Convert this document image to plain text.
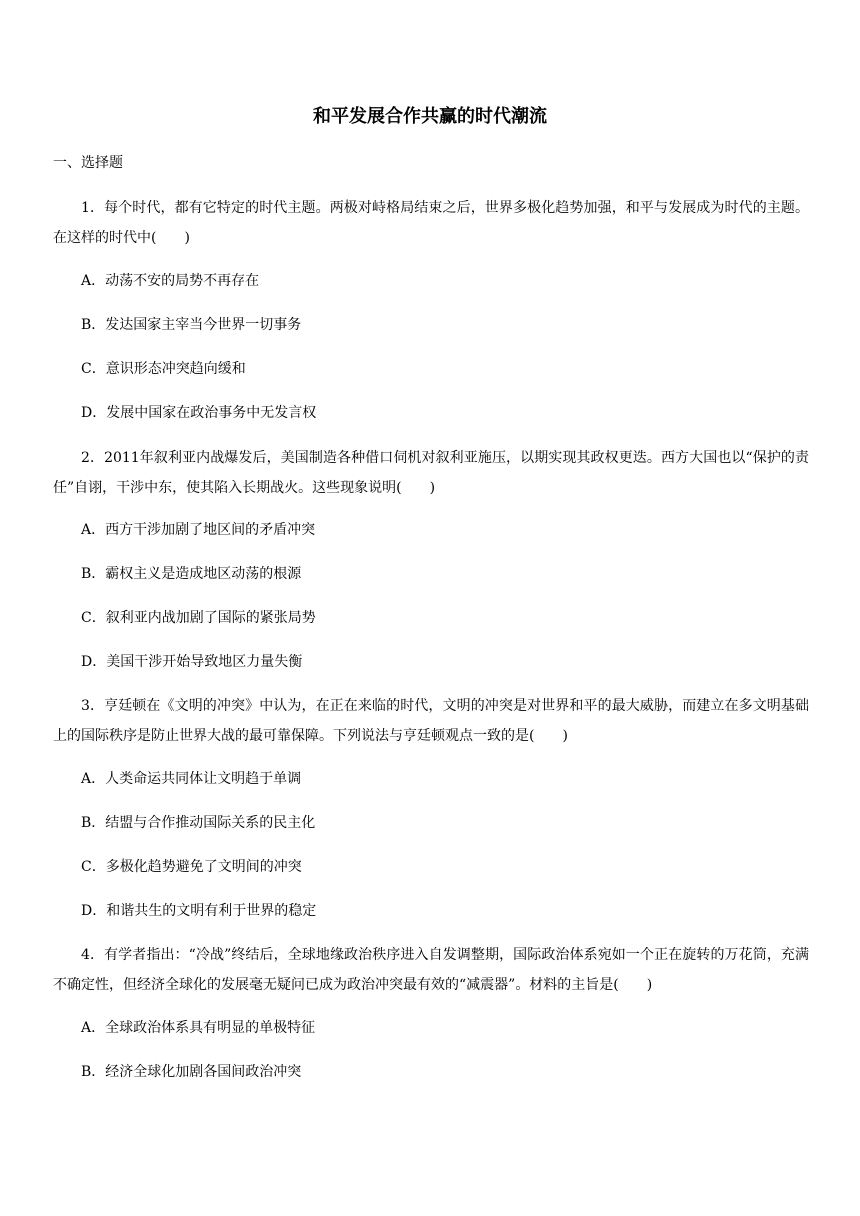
和平发展合作共赢的时代潮流
一、选择题

1．每个时代，都有它特定的时代主题。两极对峙格局结束之后，世界多极化趋势加强，和平与发展成为时代的主题。在这样的时代中(　　)

A．动荡不安的局势不再存在
B．发达国家主宰当今世界一切事务
C．意识形态冲突趋向缓和
D．发展中国家在政治事务中无发言权

2．2011年叙利亚内战爆发后，美国制造各种借口伺机对叙利亚施压，以期实现其政权更迭。西方大国也以“保护的责任”自诩，干涉中东，使其陷入长期战火。这些现象说明(　　)

A．西方干涉加剧了地区间的矛盾冲突
B．霸权主义是造成地区动荡的根源
C．叙利亚内战加剧了国际的紧张局势
D．美国干涉开始导致地区力量失衡

3．亨廷顿在《文明的冲突》中认为，在正在来临的时代，文明的冲突是对世界和平的最大威胁，而建立在多文明基础上的国际秩序是防止世界大战的最可靠保障。下列说法与亨廷顿观点一致的是(　　)

A．人类命运共同体让文明趋于单调
B．结盟与合作推动国际关系的民主化
C．多极化趋势避免了文明间的冲突
D．和谐共生的文明有利于世界的稳定

4．有学者指出：“冷战”终结后，全球地缘政治秩序进入自发调整期，国际政治体系宛如一个正在旋转的万花筒，充满不确定性，但经济全球化的发展毫无疑问已成为政治冲突最有效的“减震器”。材料的主旨是(　　)

A．全球政治体系具有明显的单极特征
B．经济全球化加剧各国间政治冲突
